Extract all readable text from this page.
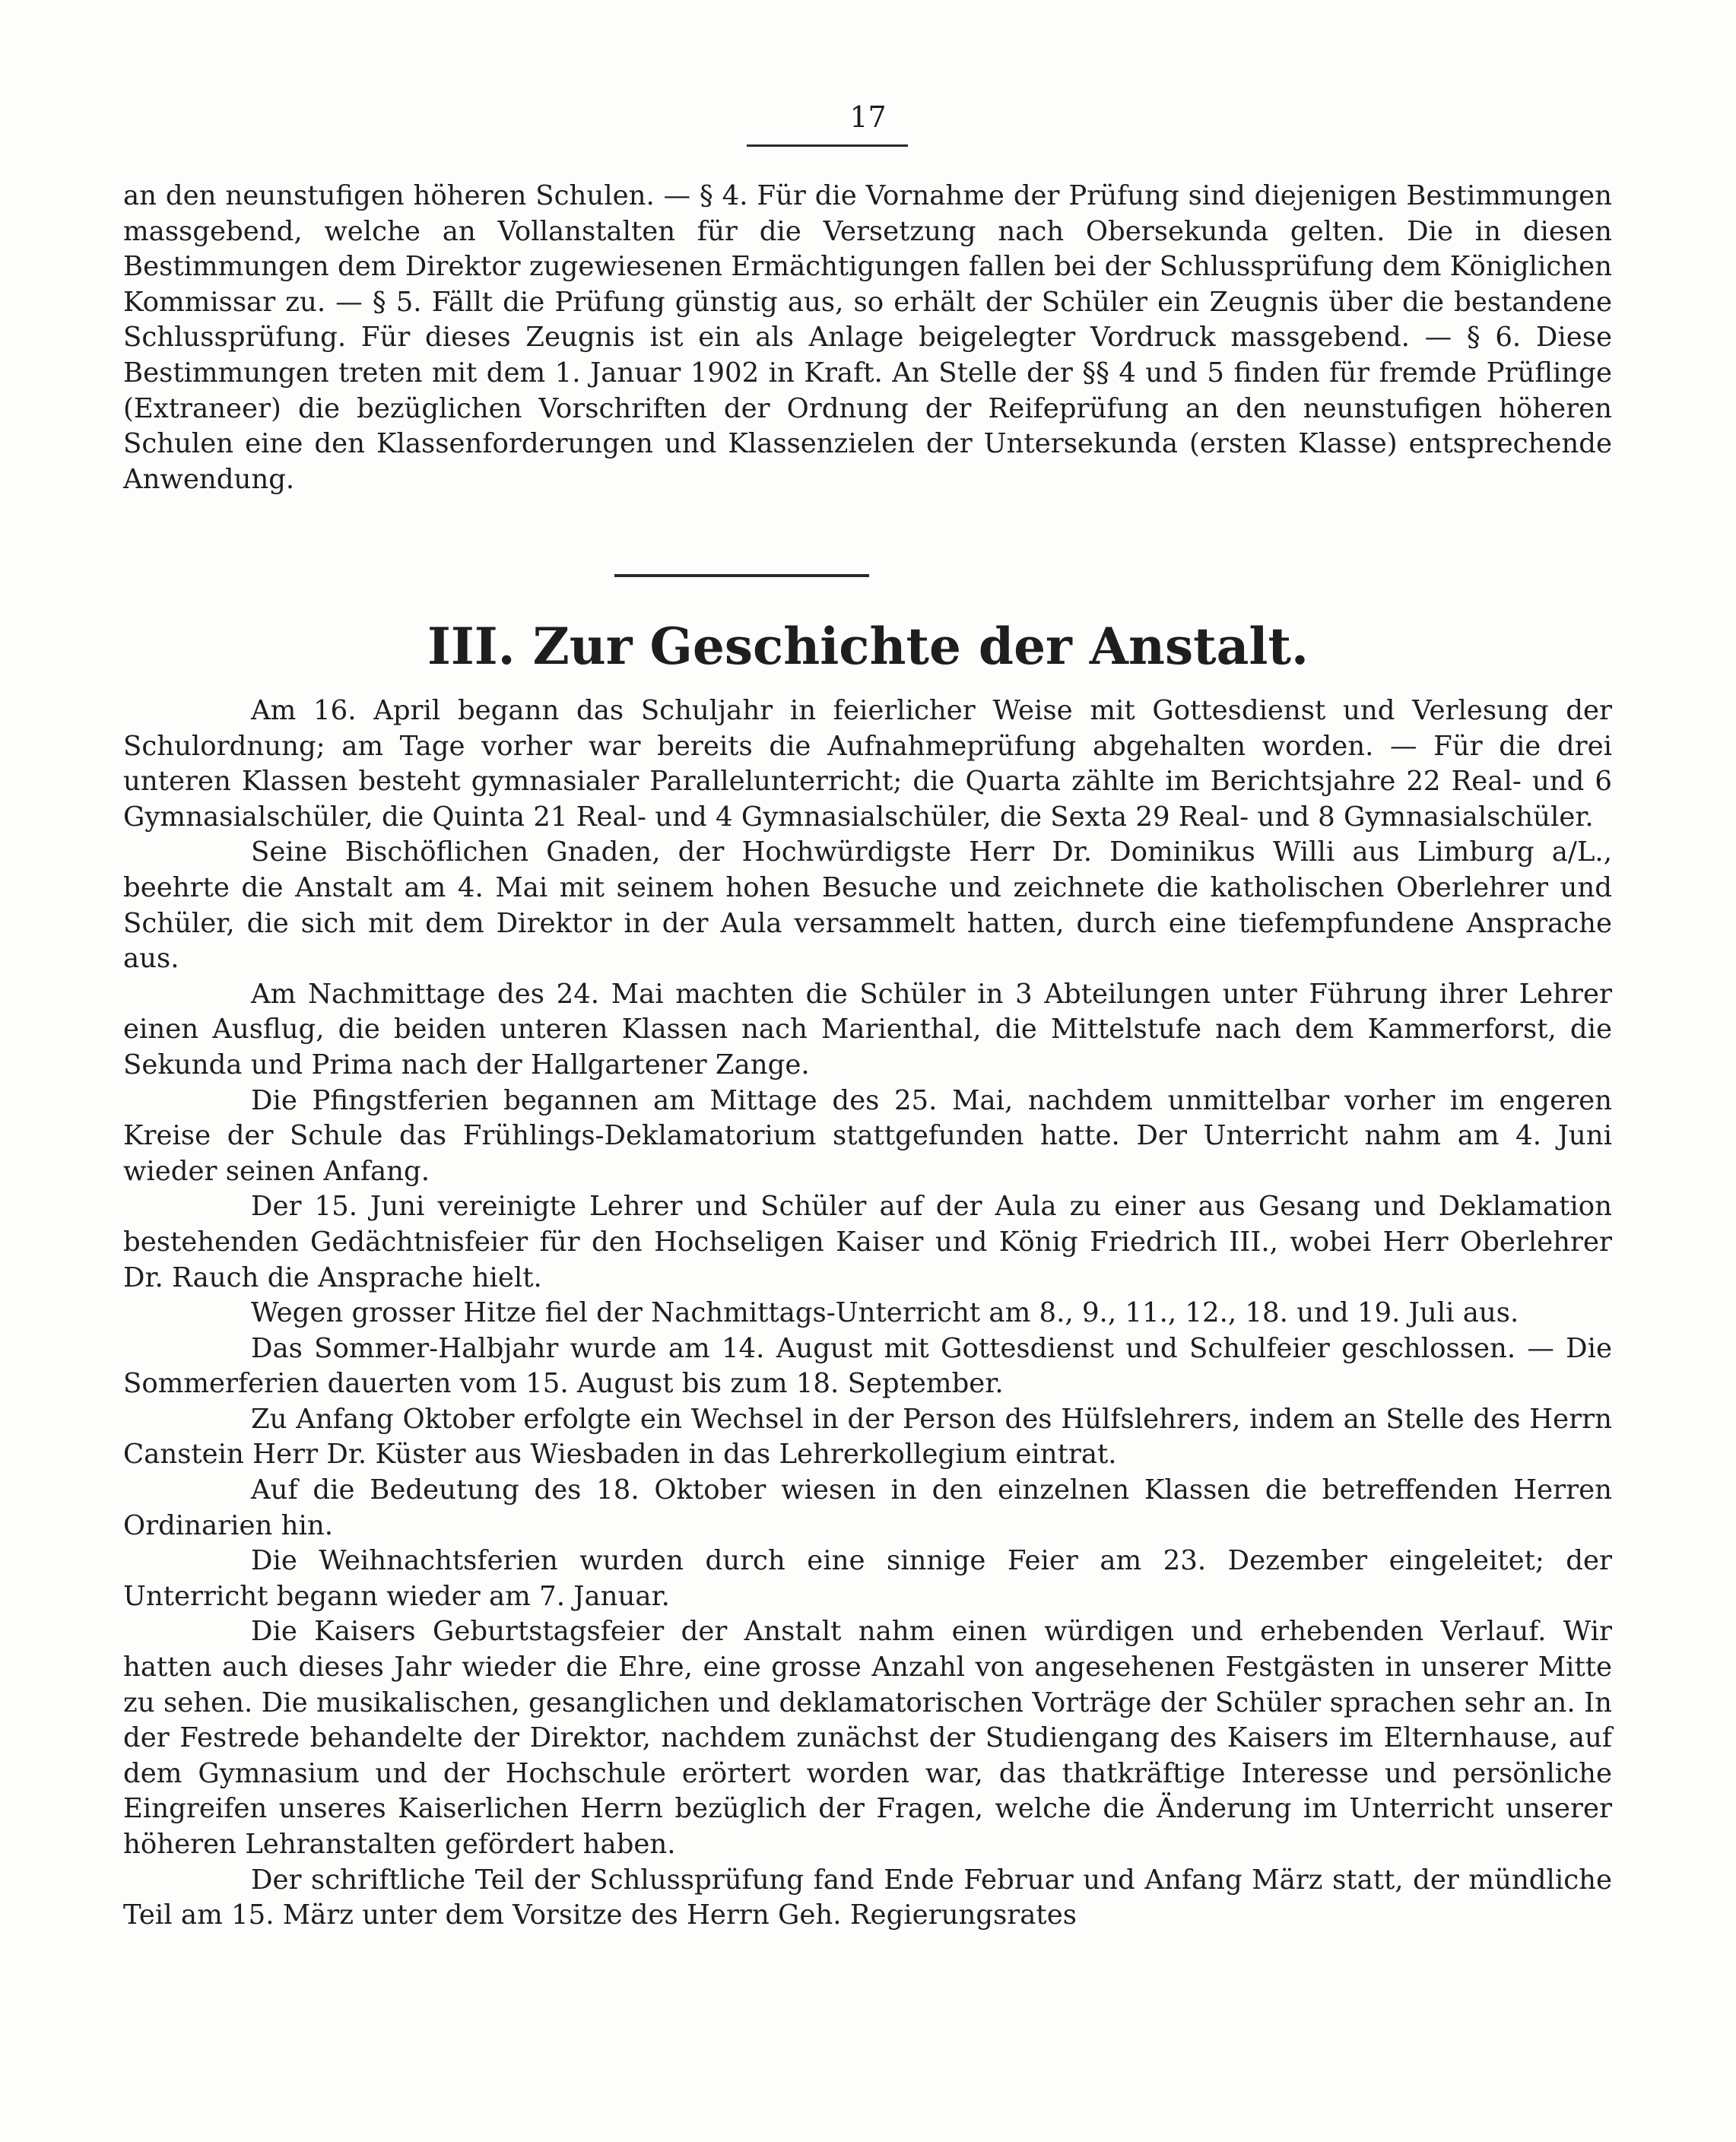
17

an den neunstufigen höheren Schulen. — § 4. Für die Vornahme der Prüfung sind diejenigen Bestimmungen massgebend, welche an Vollanstalten für die Versetzung nach Obersekunda gelten. Die in diesen Bestimmungen dem Direktor zugewiesenen Ermächtigungen fallen bei der Schlussprüfung dem Königlichen Kommissar zu. — § 5. Fällt die Prüfung günstig aus, so erhält der Schüler ein Zeugnis über die bestandene Schlussprüfung. Für dieses Zeugnis ist ein als Anlage beigelegter Vordruck massgebend. — § 6. Diese Bestimmungen treten mit dem 1. Januar 1902 in Kraft. An Stelle der §§ 4 und 5 finden für fremde Prüflinge (Extraneer) die bezüglichen Vorschriften der Ordnung der Reifeprüfung an den neunstufigen höheren Schulen eine den Klassenforderungen und Klassenzielen der Untersekunda (ersten Klasse) entsprechende Anwendung.

III. Zur Geschichte der Anstalt.

Am 16. April begann das Schuljahr in feierlicher Weise mit Gottesdienst und Verlesung der Schulordnung; am Tage vorher war bereits die Aufnahmeprüfung abgehalten worden. — Für die drei unteren Klassen besteht gymnasialer Parallelunterricht; die Quarta zählte im Berichtsjahre 22 Real- und 6 Gymnasialschüler, die Quinta 21 Real- und 4 Gymnasialschüler, die Sexta 29 Real- und 8 Gymnasialschüler.

Seine Bischöflichen Gnaden, der Hochwürdigste Herr Dr. Dominikus Willi aus Limburg a/L., beehrte die Anstalt am 4. Mai mit seinem hohen Besuche und zeichnete die katholischen Oberlehrer und Schüler, die sich mit dem Direktor in der Aula versammelt hatten, durch eine tiefempfundene Ansprache aus.

Am Nachmittage des 24. Mai machten die Schüler in 3 Abteilungen unter Führung ihrer Lehrer einen Ausflug, die beiden unteren Klassen nach Marienthal, die Mittelstufe nach dem Kammerforst, die Sekunda und Prima nach der Hallgartener Zange.

Die Pfingstferien begannen am Mittage des 25. Mai, nachdem unmittelbar vorher im engeren Kreise der Schule das Frühlings-Deklamatorium stattgefunden hatte. Der Unterricht nahm am 4. Juni wieder seinen Anfang.

Der 15. Juni vereinigte Lehrer und Schüler auf der Aula zu einer aus Gesang und Deklamation bestehenden Gedächtnisfeier für den Hochseligen Kaiser und König Friedrich III., wobei Herr Oberlehrer Dr. Rauch die Ansprache hielt.

Wegen grosser Hitze fiel der Nachmittags-Unterricht am 8., 9., 11., 12., 18. und 19. Juli aus.

Das Sommer-Halbjahr wurde am 14. August mit Gottesdienst und Schulfeier geschlossen. — Die Sommerferien dauerten vom 15. August bis zum 18. September.

Zu Anfang Oktober erfolgte ein Wechsel in der Person des Hülfslehrers, indem an Stelle des Herrn Canstein Herr Dr. Küster aus Wiesbaden in das Lehrerkollegium eintrat.

Auf die Bedeutung des 18. Oktober wiesen in den einzelnen Klassen die betreffenden Herren Ordinarien hin.

Die Weihnachtsferien wurden durch eine sinnige Feier am 23. Dezember eingeleitet; der Unterricht begann wieder am 7. Januar.

Die Kaisers Geburtstagsfeier der Anstalt nahm einen würdigen und erhebenden Verlauf. Wir hatten auch dieses Jahr wieder die Ehre, eine grosse Anzahl von angesehenen Festgästen in unserer Mitte zu sehen. Die musikalischen, gesanglichen und deklamatorischen Vorträge der Schüler sprachen sehr an. In der Festrede behandelte der Direktor, nachdem zunächst der Studiengang des Kaisers im Elternhause, auf dem Gymnasium und der Hochschule erörtert worden war, das thatkräftige Interesse und persönliche Eingreifen unseres Kaiserlichen Herrn bezüglich der Fragen, welche die Änderung im Unterricht unserer höheren Lehranstalten gefördert haben.

Der schriftliche Teil der Schlussprüfung fand Ende Februar und Anfang März statt, der mündliche Teil am 15. März unter dem Vorsitze des Herrn Geh. Regierungsrates
